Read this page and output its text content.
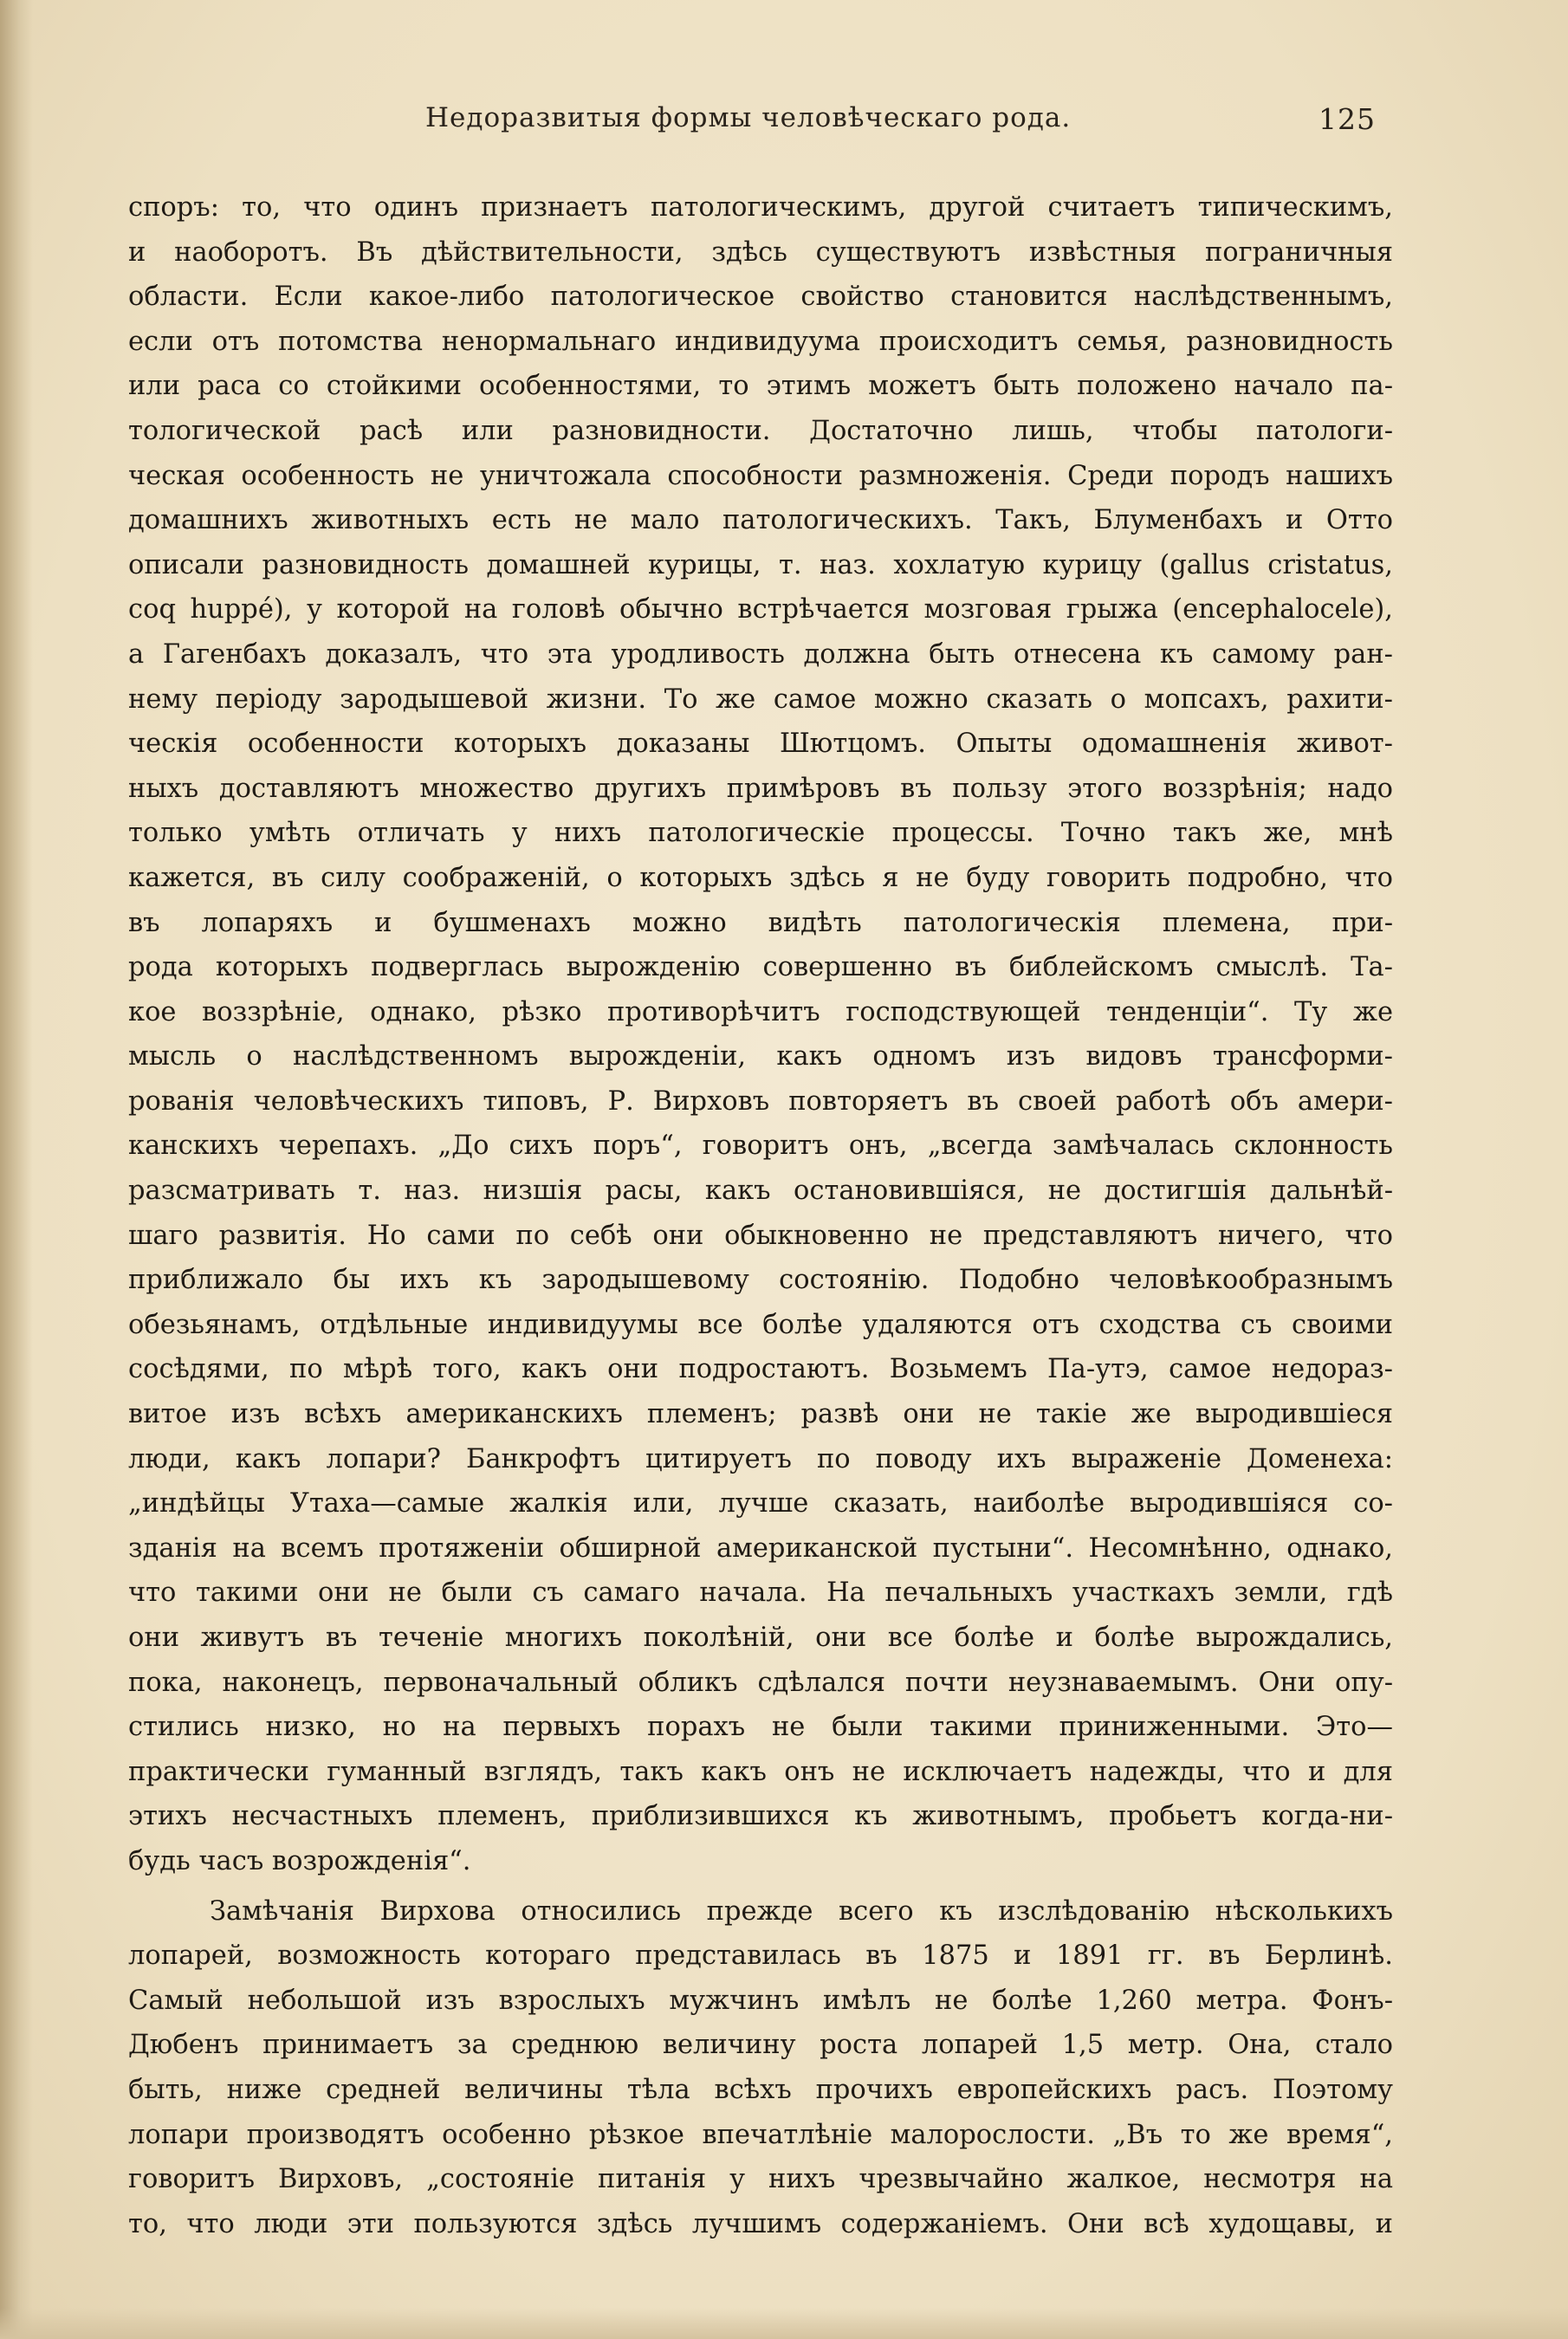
Недоразвитыя формы человѣческаго рода.	125
споръ: то, что одинъ признаетъ патологическимъ, другой считаетъ типическимъ,
и наоборотъ. Въ дѣйствительности, здѣсь существуютъ извѣстныя пограничныя
области. Если какое-либо патологическое свойство становится наслѣдственнымъ,
если отъ потомства ненормальнаго индивидуума происходитъ семья, разновидность
или раса со стойкими особенностями, то этимъ можетъ быть положено начало па-
тологической расѣ или разновидности. Достаточно лишь, чтобы патологи-
ческая особенность не уничтожала способности размноженія. Среди породъ нашихъ
домашнихъ животныхъ есть не мало патологическихъ. Такъ, Блуменбахъ и Отто
описали разновидность домашней курицы, т. наз. хохлатую курицу (gallus cristatus,
coq huppé), у которой на головѣ обычно встрѣчается мозговая грыжа (encephalocele),
а Гагенбахъ доказалъ, что эта уродливость должна быть отнесена къ самому ран-
нему періоду зародышевой жизни. То же самое можно сказать о мопсахъ, рахити-
ческія особенности которыхъ доказаны Шютцомъ. Опыты одомашненія живот-
ныхъ доставляютъ множество другихъ примѣровъ въ пользу этого воззрѣнія; надо
только умѣть отличать у нихъ патологическіе процессы. Точно такъ же, мнѣ
кажется, въ силу соображеній, о которыхъ здѣсь я не буду говорить подробно, что
въ лопаряхъ и бушменахъ можно видѣть патологическія племена, при-
рода которыхъ подверглась вырожденію совершенно въ библейскомъ смыслѣ. Та-
кое воззрѣніе, однако, рѣзко противорѣчитъ господствующей тенденціи“. Ту же
мысль о наслѣдственномъ вырожденіи, какъ одномъ изъ видовъ трансформи-
рованія человѣческихъ типовъ, Р. Вирховъ повторяетъ въ своей работѣ объ амери-
канскихъ черепахъ. „До сихъ поръ“, говоритъ онъ, „всегда замѣчалась склонность
разсматривать т. наз. низшія расы, какъ остановившіяся, не достигшія дальнѣй-
шаго развитія. Но сами по себѣ они обыкновенно не представляютъ ничего, что
приближало бы ихъ къ зародышевому состоянію. Подобно человѣкообразнымъ
обезьянамъ, отдѣльные индивидуумы все болѣе удаляются отъ сходства съ своими
сосѣдями, по мѣрѣ того, какъ они подростаютъ. Возьмемъ Па-утэ, самое недораз-
витое изъ всѣхъ американскихъ племенъ; развѣ они не такіе же выродившіеся
люди, какъ лопари? Банкрофтъ цитируетъ по поводу ихъ выраженіе Доменеха:
„индѣйцы Утаха—самые жалкія или, лучше сказать, наиболѣе выродившіяся со-
зданія на всемъ протяженіи обширной американской пустыни“. Несомнѣнно, однако,
что такими они не были съ самаго начала. На печальныхъ участкахъ земли, гдѣ
они живутъ въ теченіе многихъ поколѣній, они все болѣе и болѣе вырождались,
пока, наконецъ, первоначальный обликъ сдѣлался почти неузнаваемымъ. Они опу-
стились низко, но на первыхъ порахъ не были такими приниженными. Это—
практически гуманный взглядъ, такъ какъ онъ не исключаетъ надежды, что и для
этихъ несчастныхъ племенъ, приблизившихся къ животнымъ, пробьетъ когда-ни-
будь часъ возрожденія“.
Замѣчанія Вирхова относились прежде всего къ изслѣдованію нѣсколькихъ
лопарей, возможность котораго представилась въ 1875 и 1891 гг. въ Берлинѣ.
Самый небольшой изъ взрослыхъ мужчинъ имѣлъ не болѣе 1,260 метра. Фонъ-
Дюбенъ принимаетъ за среднюю величину роста лопарей 1,5 метр. Она, стало
быть, ниже средней величины тѣла всѣхъ прочихъ европейскихъ расъ. Поэтому
лопари производятъ особенно рѣзкое впечатлѣніе малорослости. „Въ то же время“,
говоритъ Вирховъ, „состояніе питанія у нихъ чрезвычайно жалкое, несмотря на
то, что люди эти пользуются здѣсь лучшимъ содержаніемъ. Они всѣ худощавы, и
